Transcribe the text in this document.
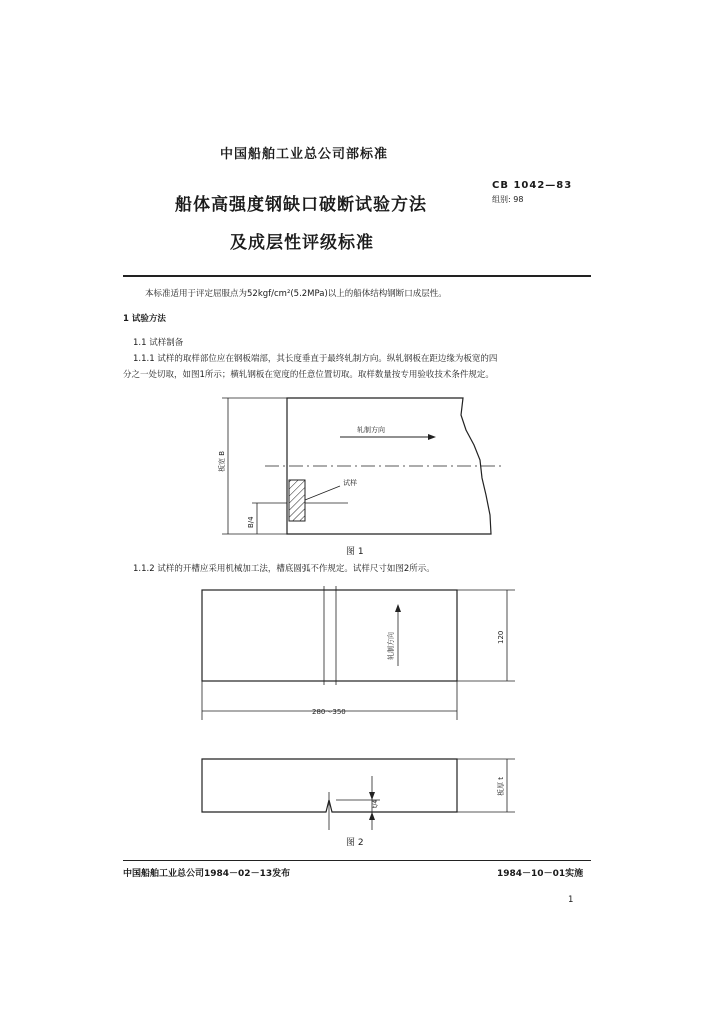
中国船舶工业总公司部标准
船体高强度钢缺口破断试验方法
及成层性评级标准
CB 1042—83
组别: 98
本标准适用于评定屈服点为52kgf/cm²(5.2MPa)以上的船体结构钢断口成层性。
1 试验方法
1.1 试样制备
1.1.1 试样的取样部位应在钢板端部，其长度垂直于最终轧制方向。纵轧钢板在距边缘为板宽的四
分之一处切取，如图1所示；横轧钢板在宽度的任意位置切取。取样数量按专用验收技术条件规定。
板宽 B
B/4
轧制方向
试样
图 1
1.1.2 试样的开槽应采用机械加工法，槽底圆弧不作规定。试样尺寸如图2所示。
轧制方向	120
280～350
t/4
板厚 t
图 2
中国船舶工业总公司1984－02－13发布	1984－10－01实施
1
